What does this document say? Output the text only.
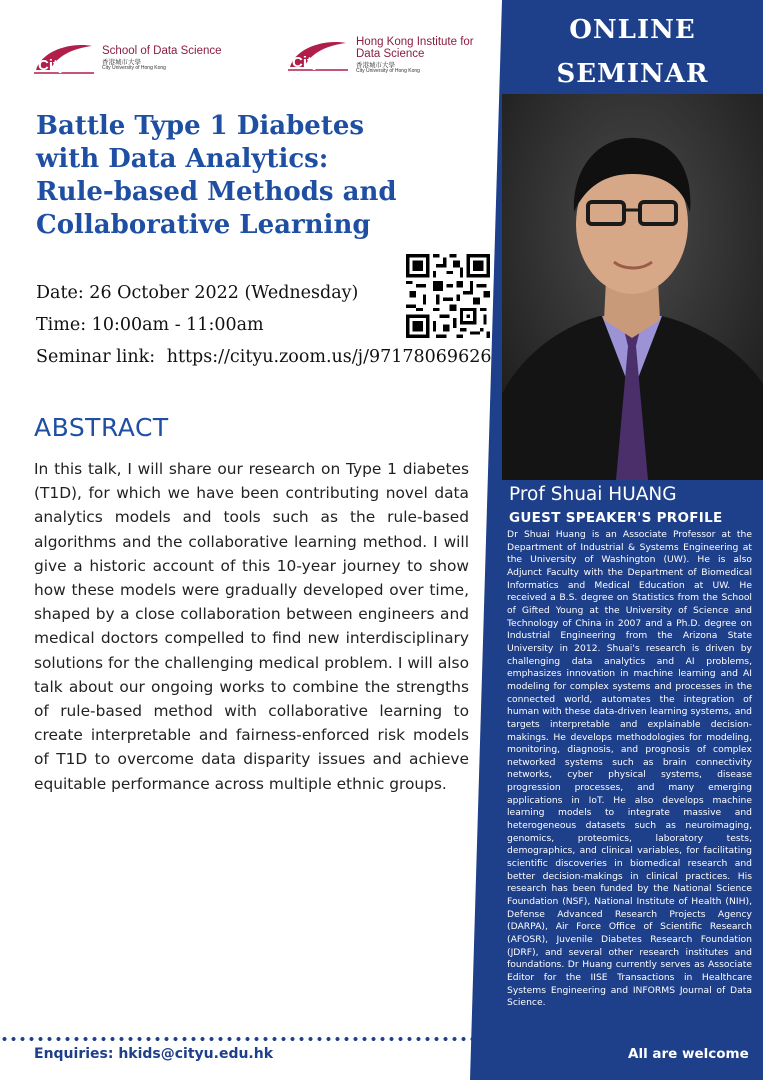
CityU
School of Data Science
香港城市大學
City University of Hong Kong	CityU
Hong Kong Institute for
Data Science
香港城市大學
City University of Hong Kong
Battle Type 1 Diabetes
with Data Analytics:
Rule-based Methods and
Collaborative Learning
Date: 26 October 2022 (Wednesday)
Time: 10:00am - 11:00am
Seminar link: https://cityu.zoom.us/j/97178069626
ABSTRACT
In this talk, I will share our research on Type 1 diabetes (T1D), for which we have been contributing novel data analytics models and tools such as the rule-based algorithms and the collaborative learning method. I will give a historic account of this 10-year journey to show how these models were gradually developed over time, shaped by a close collaboration between engineers and medical doctors compelled to find new interdisciplinary solutions for the challenging medical problem. I will also talk about our ongoing works to combine the strengths of rule-based method with collaborative learning to create interpretable and fairness-enforced risk models of T1D to overcome data disparity issues and achieve equitable performance across multiple ethnic groups.
ONLINE
SEMINAR
Prof Shuai HUANG
GUEST SPEAKER'S PROFILE
Dr Shuai Huang is an Associate Professor at the Department of Industrial & Systems Engineering at the University of Washington (UW). He is also Adjunct Faculty with the Department of Biomedical Informatics and Medical Education at UW. He received a B.S. degree on Statistics from the School of Gifted Young at the University of Science and Technology of China in 2007 and a Ph.D. degree on Industrial Engineering from the Arizona State University in 2012. Shuai's research is driven by challenging data analytics and AI problems, emphasizes innovation in machine learning and AI modeling for complex systems and processes in the connected world, automates the integration of human with these data-driven learning systems, and targets interpretable and explainable decision-makings. He develops methodologies for modeling, monitoring, diagnosis, and prognosis of complex networked systems such as brain connectivity networks, cyber physical systems, disease progression processes, and many emerging applications in IoT. He also develops machine learning models to integrate massive and heterogeneous datasets such as neuroimaging, genomics, proteomics, laboratory tests, demographics, and clinical variables, for facilitating scientific discoveries in biomedical research and better decision-makings in clinical practices. His research has been funded by the National Science Foundation (NSF), National Institute of Health (NIH), Defense Advanced Research Projects Agency (DARPA), Air Force Office of Scientific Research (AFOSR), Juvenile Diabetes Research Foundation (JDRF), and several other research institutes and foundations. Dr Huang currently serves as Associate Editor for the IISE Transactions in Healthcare Systems Engineering and INFORMS Journal of Data Science.
Enquiries: hkids@cityu.edu.hk	All are welcome
